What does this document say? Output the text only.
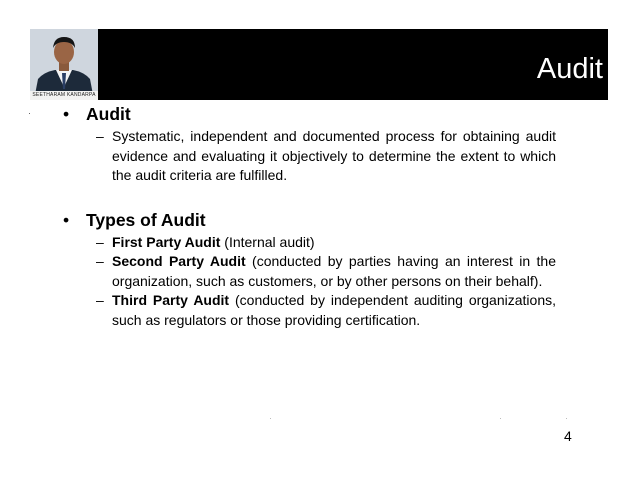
SEETHARAM KANDARPA
Audit
• Audit
– Systematic, independent and documented process for obtaining audit evidence and evaluating it objectively to determine the extent to which the audit criteria are fulfilled.
• Types of Audit
– First Party Audit (Internal audit)
– Second Party Audit (conducted by parties having an interest in the organization, such as customers, or by other persons on their behalf).
– Third Party Audit (conducted by independent auditing organizations, such as regulators or those providing certification.
4
